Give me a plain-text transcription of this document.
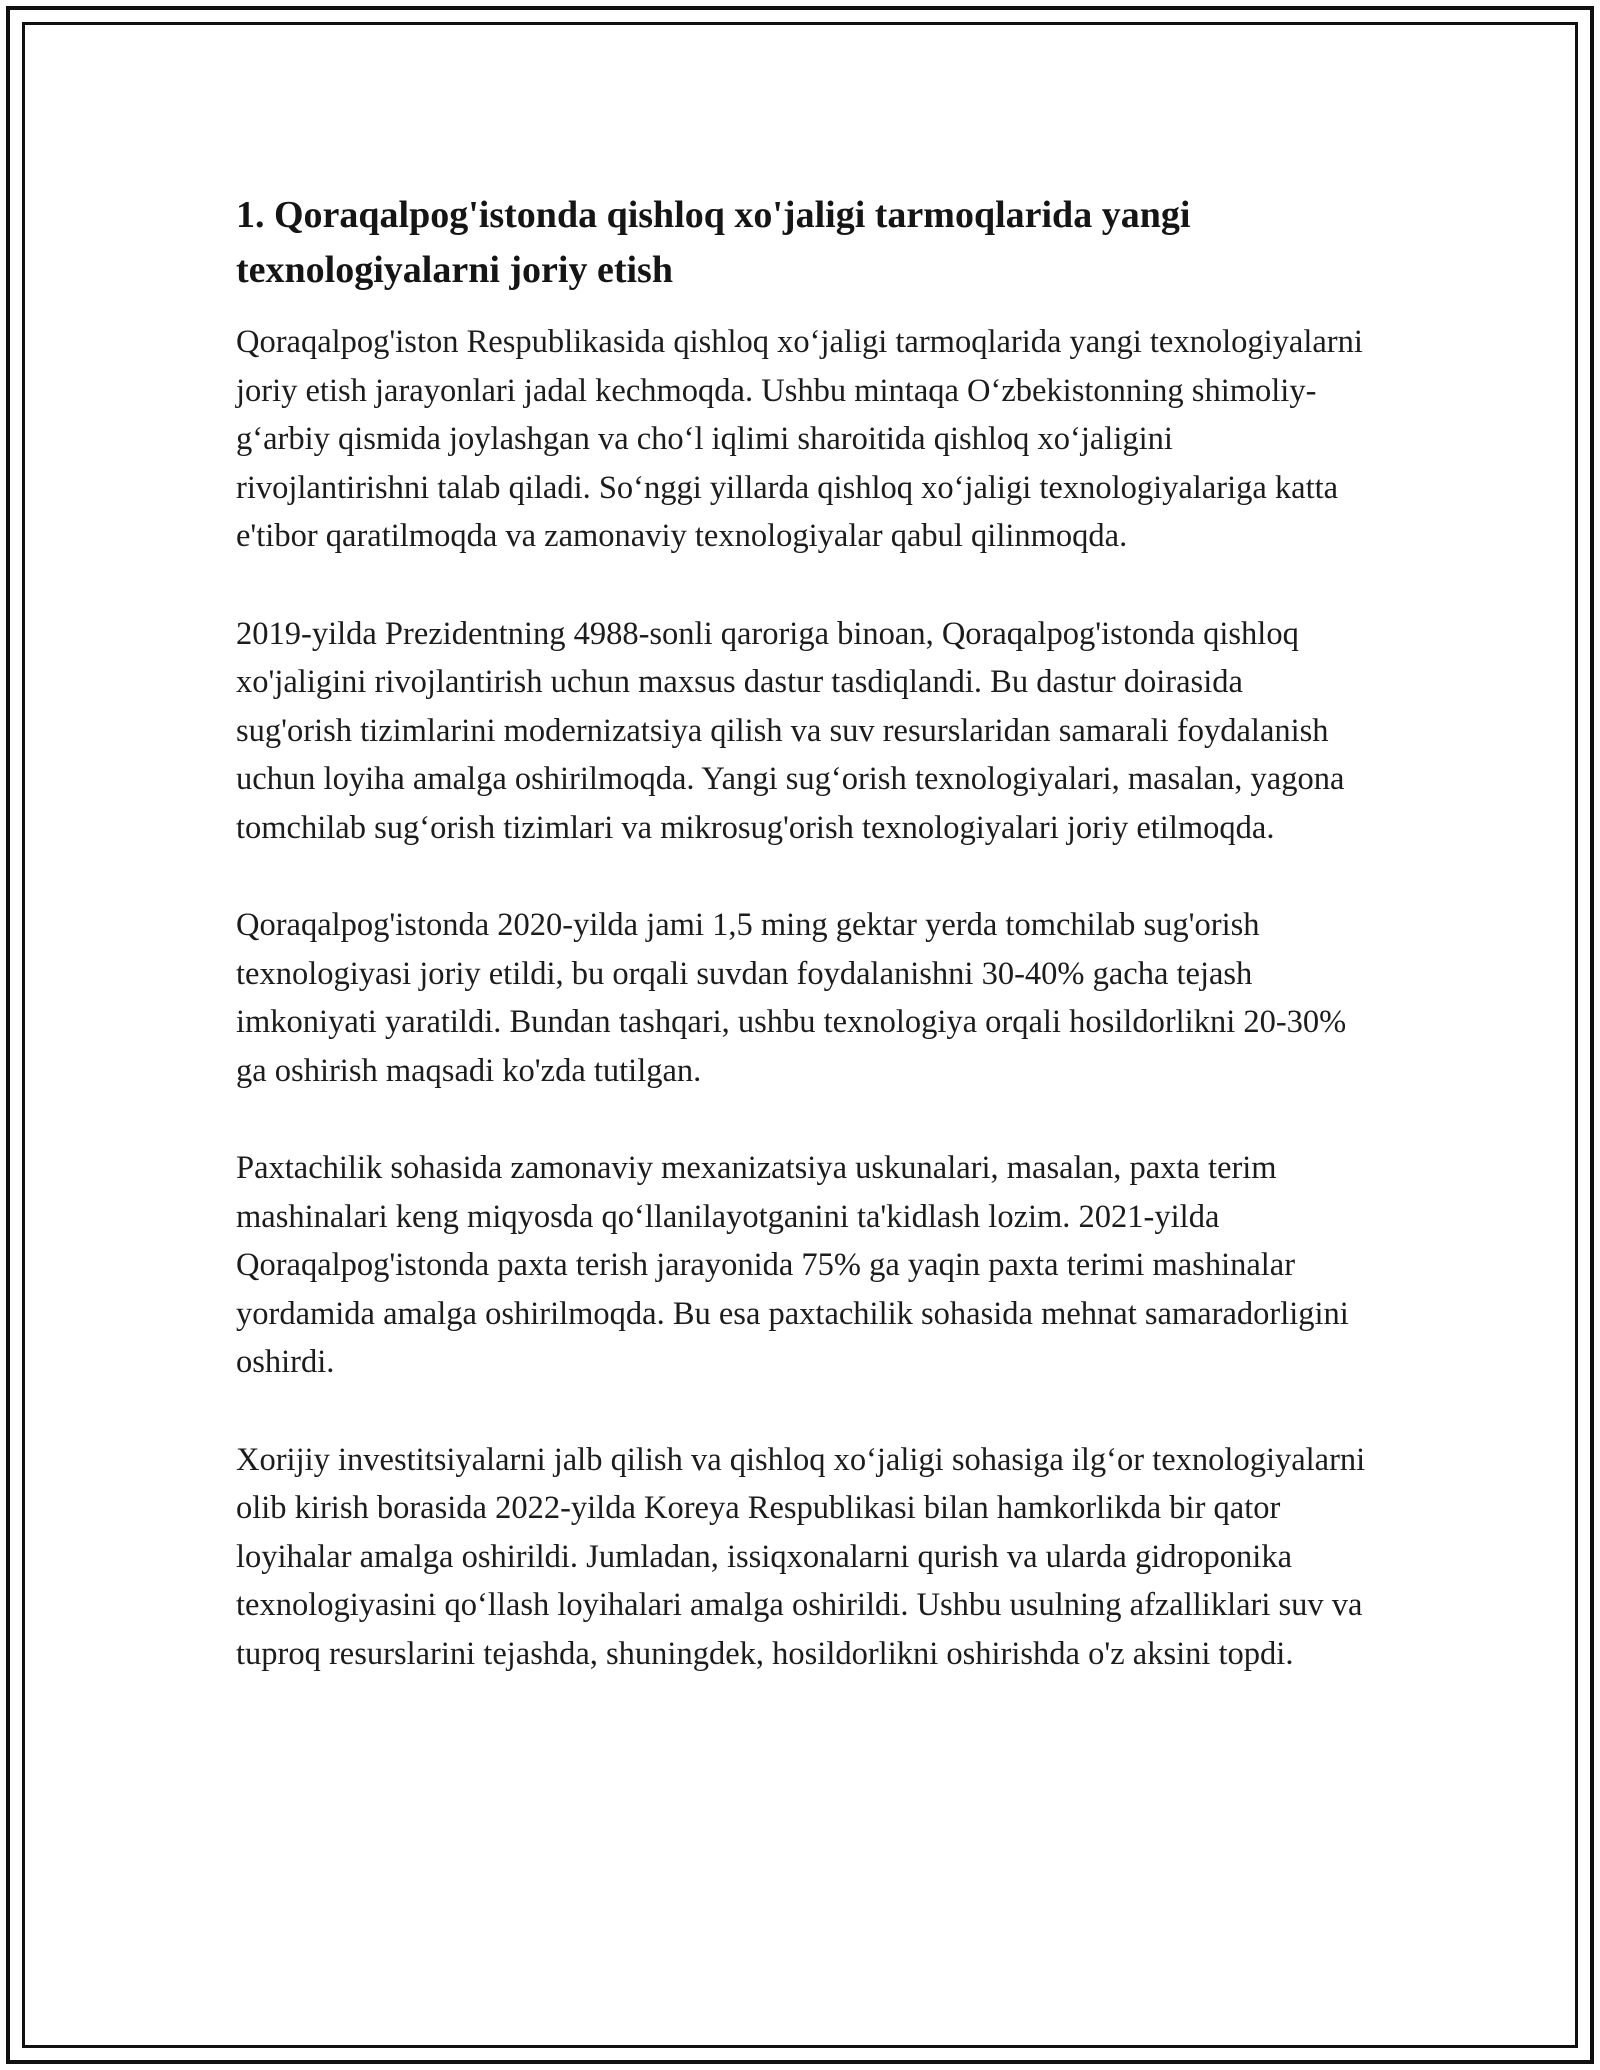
1. Qoraqalpog'istonda qishloq xo'jaligi tarmoqlarida yangi texnologiyalarni joriy etish

Qoraqalpog'iston Respublikasida qishloq xo‘jaligi tarmoqlarida yangi texnologiyalarni joriy etish jarayonlari jadal kechmoqda. Ushbu mintaqa O‘zbekistonning shimoliy-g‘arbiy qismida joylashgan va cho‘l iqlimi sharoitida qishloq xo‘jaligini rivojlantirishni talab qiladi. So‘nggi yillarda qishloq xo‘jaligi texnologiyalariga katta e'tibor qaratilmoqda va zamonaviy texnologiyalar qabul qilinmoqda.

2019-yilda Prezidentning 4988-sonli qaroriga binoan, Qoraqalpog'istonda qishloq xo'jaligini rivojlantirish uchun maxsus dastur tasdiqlandi. Bu dastur doirasida sug'orish tizimlarini modernizatsiya qilish va suv resurslaridan samarali foydalanish uchun loyiha amalga oshirilmoqda. Yangi sug‘orish texnologiyalari, masalan, yagona tomchilab sug‘orish tizimlari va mikrosug'orish texnologiyalari joriy etilmoqda.

Qoraqalpog'istonda 2020-yilda jami 1,5 ming gektar yerda tomchilab sug'orish texnologiyasi joriy etildi, bu orqali suvdan foydalanishni 30-40% gacha tejash imkoniyati yaratildi. Bundan tashqari, ushbu texnologiya orqali hosildorlikni 20-30% ga oshirish maqsadi ko'zda tutilgan.

Paxtachilik sohasida zamonaviy mexanizatsiya uskunalari, masalan, paxta terim mashinalari keng miqyosda qo‘llanilayotganini ta'kidlash lozim. 2021-yilda Qoraqalpog'istonda paxta terish jarayonida 75% ga yaqin paxta terimi mashinalar yordamida amalga oshirilmoqda. Bu esa paxtachilik sohasida mehnat samaradorligini oshirdi.

Xorijiy investitsiyalarni jalb qilish va qishloq xo‘jaligi sohasiga ilg‘or texnologiyalarni olib kirish borasida 2022-yilda Koreya Respublikasi bilan hamkorlikda bir qator loyihalar amalga oshirildi. Jumladan, issiqxonalarni qurish va ularda gidroponika texnologiyasini qo‘llash loyihalari amalga oshirildi. Ushbu usulning afzalliklari suv va tuproq resurslarini tejashda, shuningdek, hosildorlikni oshirishda o'z aksini topdi.
